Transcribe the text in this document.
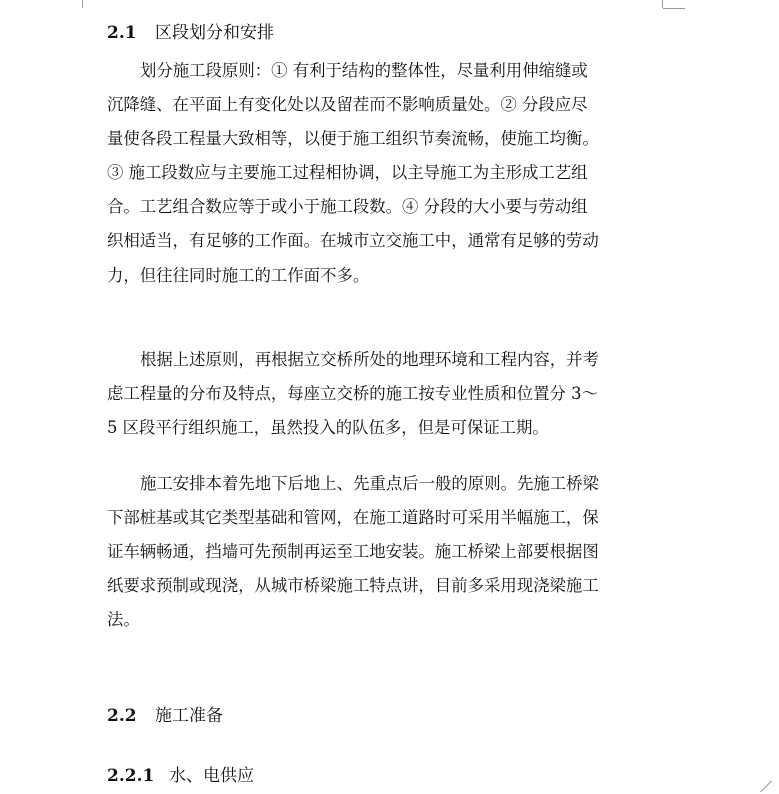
2.1 区段划分和安排
划分施工段原则：① 有利于结构的整体性，尽量利用伸缩缝或
沉降缝、在平面上有变化处以及留茬而不影响质量处。② 分段应尽
量使各段工程量大致相等，以便于施工组织节奏流畅，使施工均衡。
③ 施工段数应与主要施工过程相协调，以主导施工为主形成工艺组
合。工艺组合数应等于或小于施工段数。④ 分段的大小要与劳动组
织相适当，有足够的工作面。在城市立交施工中，通常有足够的劳动
力，但往往同时施工的工作面不多。
根据上述原则，再根据立交桥所处的地理环境和工程内容，并考
虑工程量的分布及特点，每座立交桥的施工按专业性质和位置分 3～
5 区段平行组织施工，虽然投入的队伍多，但是可保证工期。
施工安排本着先地下后地上、先重点后一般的原则。先施工桥梁
下部桩基或其它类型基础和管网，在施工道路时可采用半幅施工，保
证车辆畅通，挡墙可先预制再运至工地安装。施工桥梁上部要根据图
纸要求预制或现浇，从城市桥梁施工特点讲，目前多采用现浇梁施工
法。
2.2 施工准备
2.2.1 水、电供应
